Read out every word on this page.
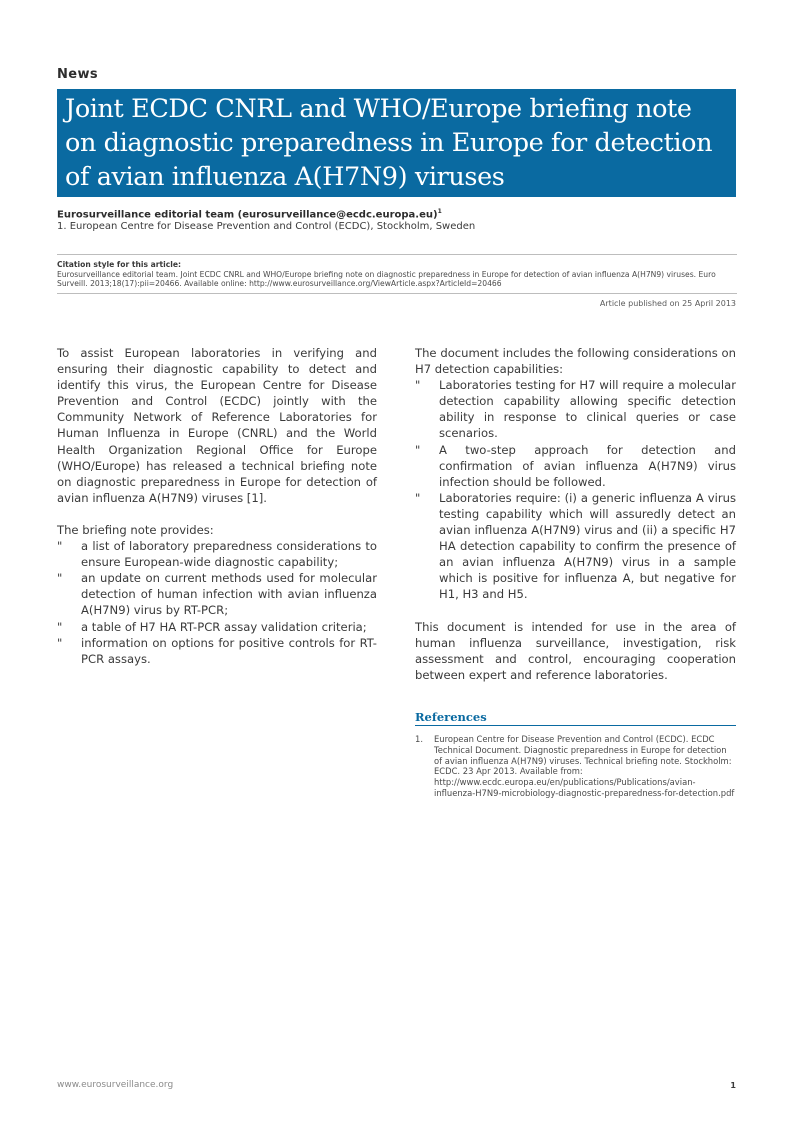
News
Joint ECDC CNRL and WHO/Europe briefing note on diagnostic preparedness in Europe for detection of avian influenza A(H7N9) viruses
Eurosurveillance editorial team (eurosurveillance@ecdc.europa.eu)$^1$
1. European Centre for Disease Prevention and Control (ECDC), Stockholm, Sweden
Citation style for this article:
Eurosurveillance editorial team. Joint ECDC CNRL and WHO/Europe briefing note on diagnostic preparedness in Europe for detection of avian influenza A(H7N9) viruses. Euro Surveill. 2013;18(17):pii=20466. Available online: http://www.eurosurveillance.org/ViewArticle.aspx?ArticleId=20466
Article published on 25 April 2013

To assist European laboratories in verifying and ensuring their diagnostic capability to detect and identify this virus, the European Centre for Disease Prevention and Control (ECDC) jointly with the Community Network of Reference Laboratories for Human Influenza in Europe (CNRL) and the World Health Organization Regional Office for Europe (WHO/Europe) has released a technical briefing note on diagnostic preparedness in Europe for detection of avian influenza A(H7N9) viruses [1].

The briefing note provides:
"	a list of laboratory preparedness considerations to ensure European-wide diagnostic capability;
"	an update on current methods used for molecular detection of human infection with avian influenza A(H7N9) virus by RT-PCR;
"	a table of H7 HA RT-PCR assay validation criteria;
"	information on options for positive controls for RT-PCR assays.
The document includes the following considerations on H7 detection capabilities:
"	Laboratories testing for H7 will require a molecular detection capability allowing specific detection ability in response to clinical queries or case scenarios.
"	A two-step approach for detection and confirmation of avian influenza A(H7N9) virus infection should be followed.
"	Laboratories require: (i) a generic influenza A virus testing capability which will assuredly detect an avian influenza A(H7N9) virus and (ii) a specific H7 HA detection capability to confirm the presence of an avian influenza A(H7N9) virus in a sample which is positive for influenza A, but negative for H1, H3 and H5.

This document is intended for use in the area of human influenza surveillance, investigation, risk assessment and control, encouraging cooperation between expert and reference laboratories.

References
1. European Centre for Disease Prevention and Control (ECDC). ECDC Technical Document. Diagnostic preparedness in Europe for detection of avian influenza A(H7N9) viruses. Technical briefing note. Stockholm: ECDC. 23 Apr 2013. Available from: http://www.ecdc.europa.eu/en/publications/Publications/avian-influenza-H7N9-microbiology-diagnostic-preparedness-for-detection.pdf
www.eurosurveillance.org	1
